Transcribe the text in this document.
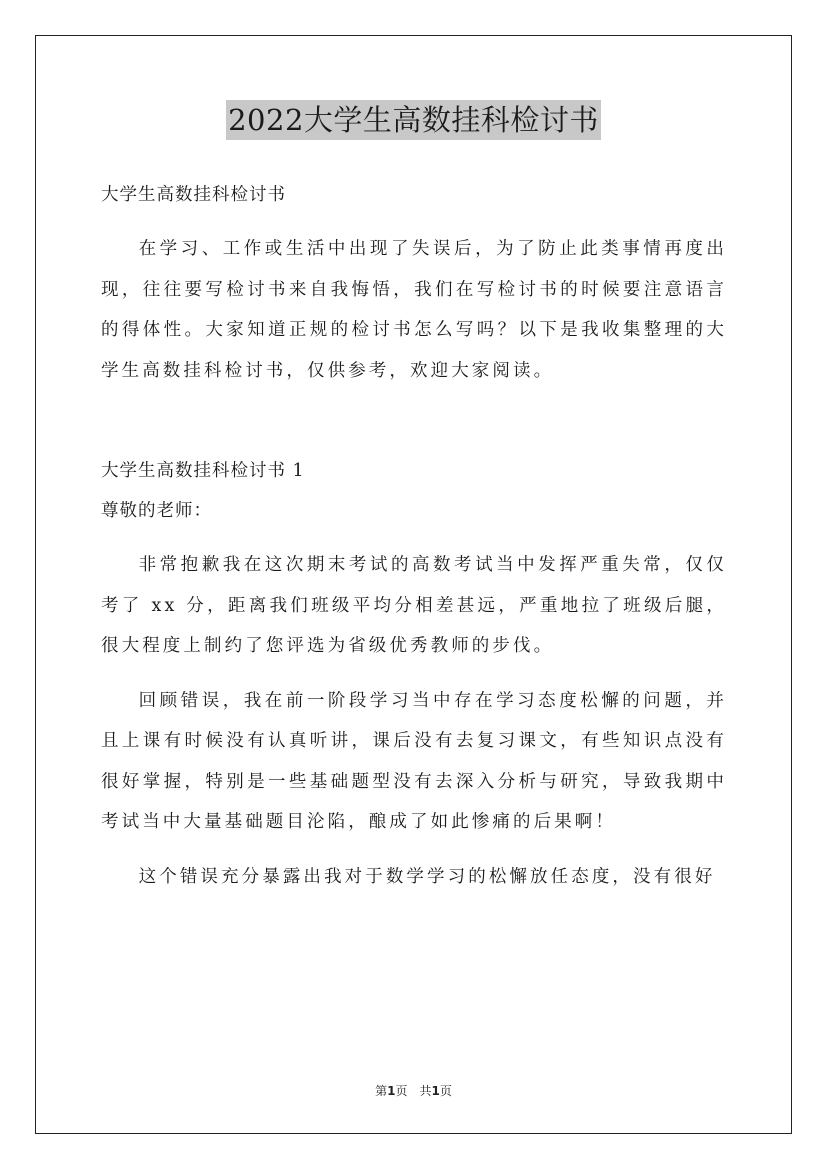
2022大学生高数挂科检讨书

大学生高数挂科检讨书

在学习、工作或生活中出现了失误后，为了防止此类事情再度出现，往往要写检讨书来自我悔悟，我们在写检讨书的时候要注意语言的得体性。大家知道正规的检讨书怎么写吗？以下是我收集整理的大学生高数挂科检讨书，仅供参考，欢迎大家阅读。

大学生高数挂科检讨书 1

尊敬的老师：

非常抱歉我在这次期末考试的高数考试当中发挥严重失常，仅仅考了 xx 分，距离我们班级平均分相差甚远，严重地拉了班级后腿，很大程度上制约了您评选为省级优秀教师的步伐。

回顾错误，我在前一阶段学习当中存在学习态度松懈的问题，并且上课有时候没有认真听讲，课后没有去复习课文，有些知识点没有很好掌握，特别是一些基础题型没有去深入分析与研究，导致我期中考试当中大量基础题目沦陷，酿成了如此惨痛的后果啊！

这个错误充分暴露出我对于数学学习的松懈放任态度，没有很好

第1页　共1页
